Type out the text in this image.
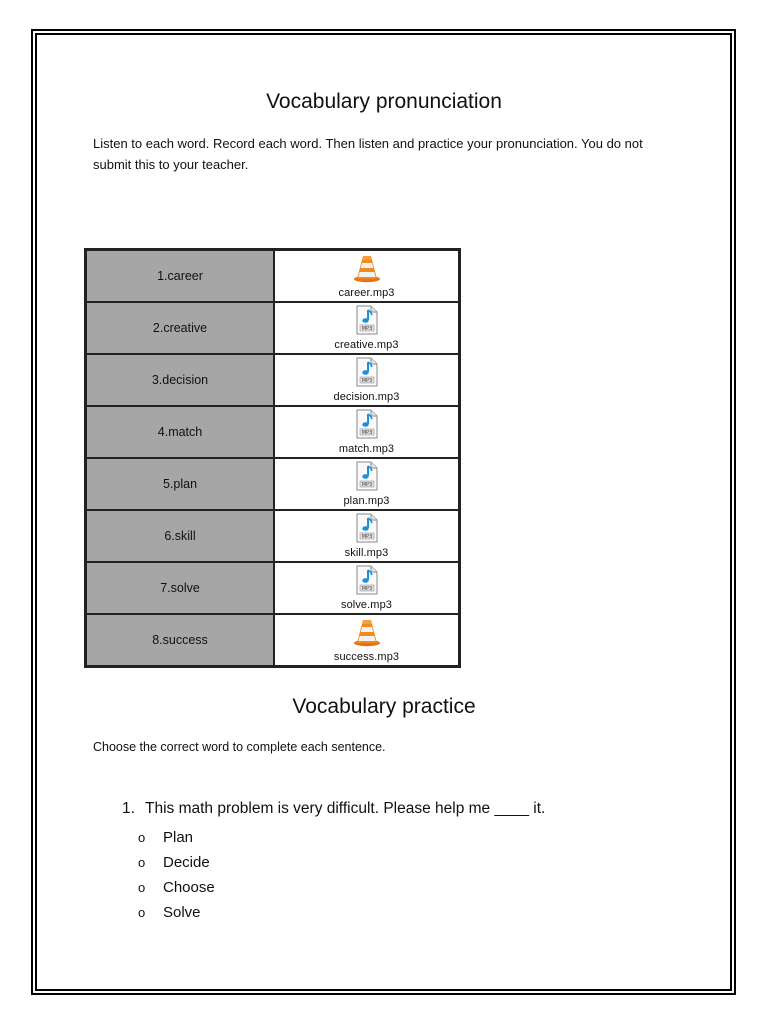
Vocabulary pronunciation
Listen to each word. Record each word. Then listen and practice your pronunciation. You do not submit this to your teacher.
1.career	career.mp3

2.creative	MP3
creative.mp3

3.decision	MP3
decision.mp3

4.match	MP3
match.mp3

5.plan	MP3
plan.mp3

6.skill	MP3
skill.mp3

7.solve	MP3
solve.mp3

8.success	success.mp3
Vocabulary practice
Choose the correct word to complete each sentence.
1. This math problem is very difficult. Please help me ____ it.
o	Plan
o	Decide
o	Choose
o	Solve
